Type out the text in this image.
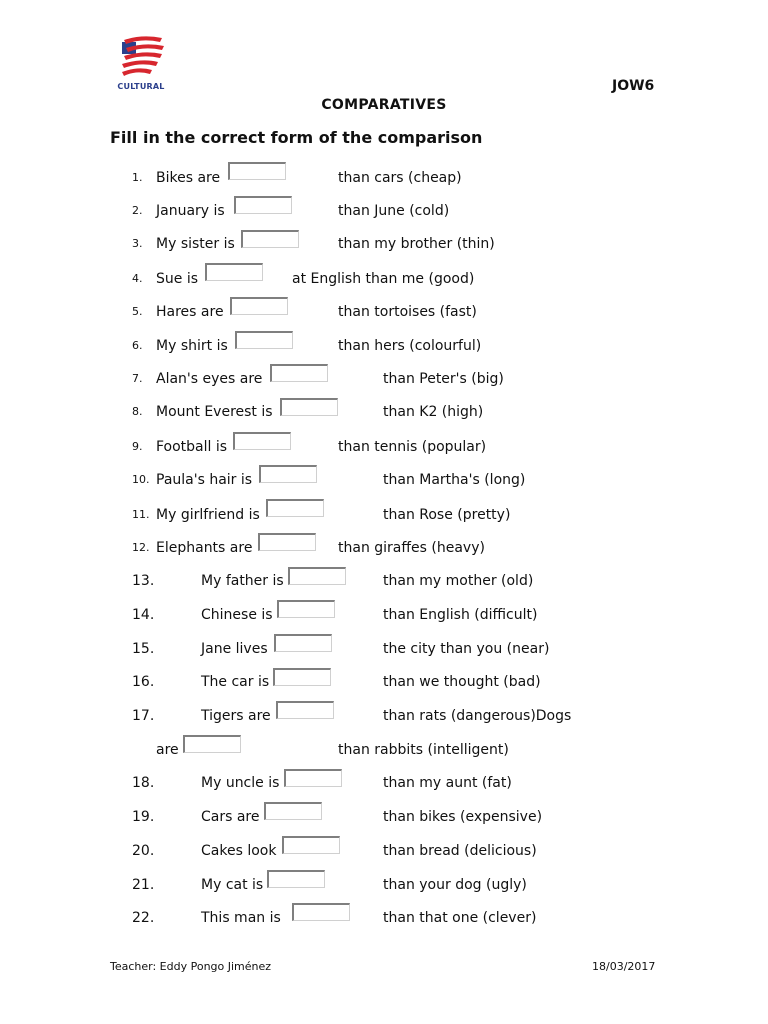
CULTURAL	JOW6
COMPARATIVES
Fill in the correct form of the comparison
1. Bikes are	than cars (cheap)
2. January is	than June (cold)
3. My sister is	than my brother (thin)
4. Sue is	at English than me (good)
5. Hares are	than tortoises (fast)
6. My shirt is	than hers (colourful)
7. Alan's eyes are	than Peter's (big)
8. Mount Everest is	than K2 (high)
9. Football is	than tennis (popular)
10. Paula's hair is	than Martha's (long)
11. My girlfriend is	than Rose (pretty)
12. Elephants are	than giraffes (heavy)
13.	My father is	than my mother (old)
14.	Chinese is	than English (difficult)
15.	Jane lives	the city than you (near)
16.	The car is	than we thought (bad)
17.	Tigers are	than rats (dangerous)Dogs
are	than rabbits (intelligent)
18.	My uncle is	than my aunt (fat)
19.	Cars are	than bikes (expensive)
20.	Cakes look	than bread (delicious)
21.	My cat is	than your dog (ugly)
22.	This man is	than that one (clever)
Teacher: Eddy Pongo Jiménez	18/03/2017
